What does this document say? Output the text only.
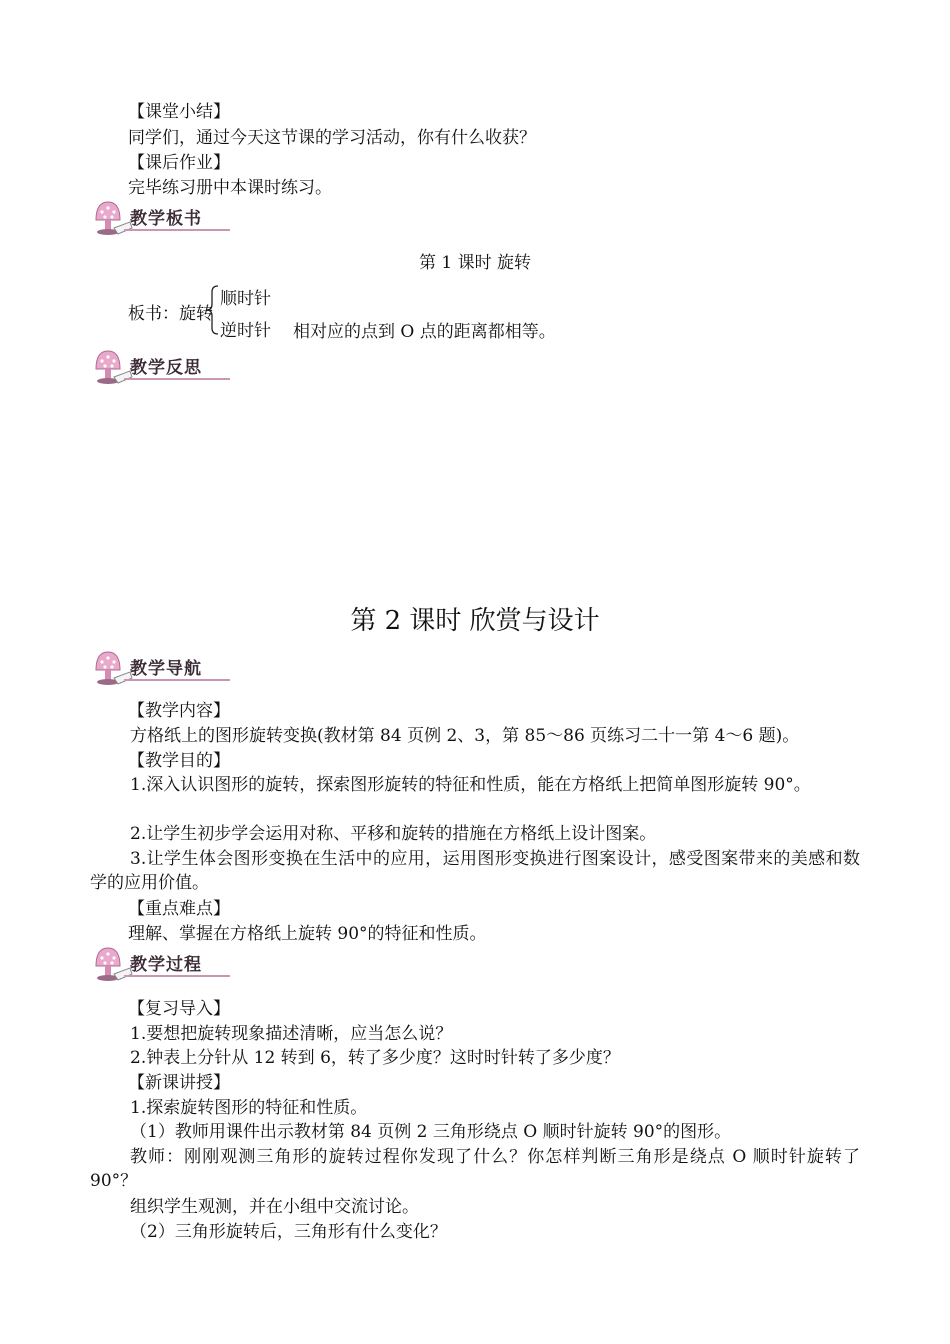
【课堂小结】
同学们，通过今天这节课的学习活动，你有什么收获？
【课后作业】
完毕练习册中本课时练习。
教学板书
第 1 课时 旋转
板书：旋转
顺时针
逆时针 相对应的点到 O 点的距离都相等。
教学反思
第 2 课时 欣赏与设计
教学导航
【教学内容】
方格纸上的图形旋转变换(教材第 84 页例 2、3，第 85～86 页练习二十一第 4～6 题)。
【教学目的】
1.深入认识图形的旋转，探索图形旋转的特征和性质，能在方格纸上把简单图形旋转 90°。
2.让学生初步学会运用对称、平移和旋转的措施在方格纸上设计图案。
3.让学生体会图形变换在生活中的应用，运用图形变换进行图案设计，感受图案带来的美感和数学的应用价值。
【重点难点】
理解、掌握在方格纸上旋转 90°的特征和性质。
教学过程
【复习导入】
1.要想把旋转现象描述清晰，应当怎么说？
2.钟表上分针从 12 转到 6，转了多少度？这时时针转了多少度？
【新课讲授】
1.探索旋转图形的特征和性质。
（1）教师用课件出示教材第 84 页例 2 三角形绕点 O 顺时针旋转 90°的图形。
教师：刚刚观测三角形的旋转过程你发现了什么？你怎样判断三角形是绕点 O 顺时针旋转了 90°？
组织学生观测，并在小组中交流讨论。
（2）三角形旋转后，三角形有什么变化？
